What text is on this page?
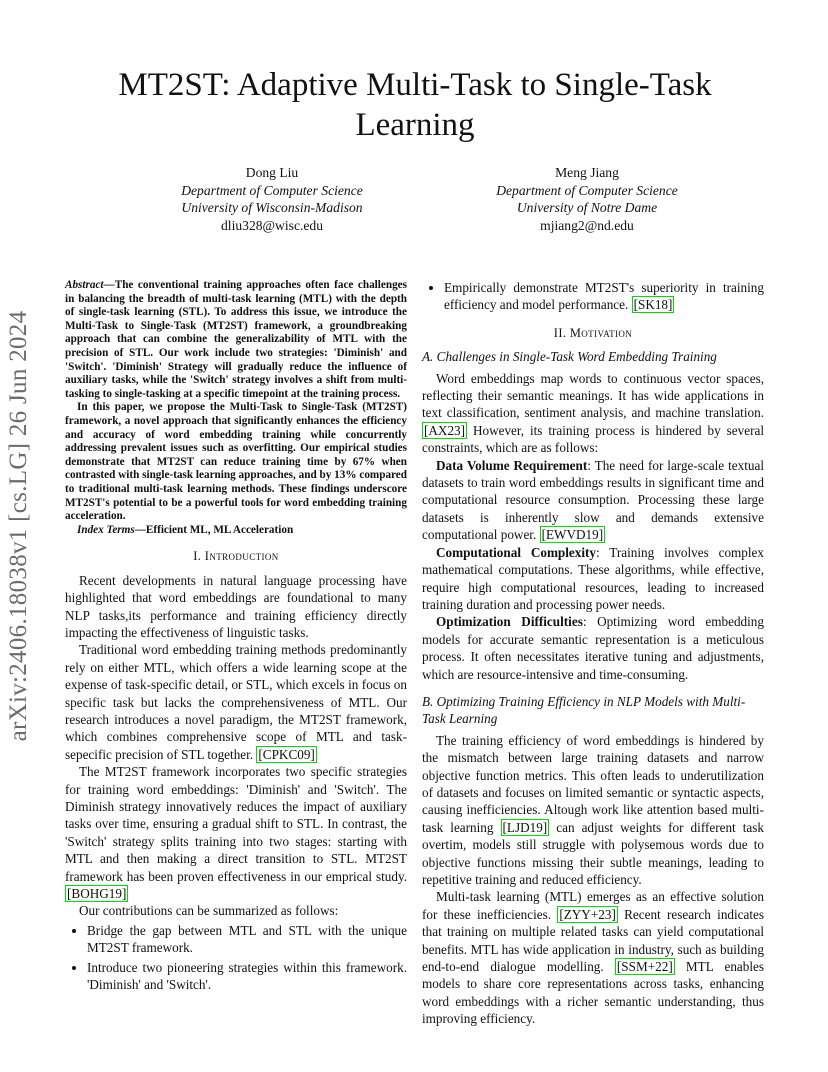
arXiv:2406.18038v1 [cs.LG] 26 Jun 2024
MT2ST: Adaptive Multi-Task to Single-Task Learning
Dong Liu
Department of Computer Science
University of Wisconsin-Madison
dliu328@wisc.edu
Meng Jiang
Department of Computer Science
University of Notre Dame
mjiang2@nd.edu

Abstract—The conventional training approaches often face challenges in balancing the breadth of multi-task learning (MTL) with the depth of single-task learning (STL). To address this issue, we introduce the Multi-Task to Single-Task (MT2ST) framework, a groundbreaking approach that can combine the generalizability of MTL with the precision of STL. Our work include two strategies: 'Diminish' and 'Switch'. 'Diminish' Strategy will gradually reduce the influence of auxiliary tasks, while the 'Switch' strategy involves a shift from multi-tasking to single-tasking at a specific timepoint at the training process.

In this paper, we propose the Multi-Task to Single-Task (MT2ST) framework, a novel approach that significantly enhances the efficiency and accuracy of word embedding training while concurrently addressing prevalent issues such as overfitting. Our empirical studies demonstrate that MT2ST can reduce training time by 67% when contrasted with single-task learning approaches, and by 13% compared to traditional multi-task learning methods. These findings underscore MT2ST's potential to be a powerful tools for word embedding training acceleration.

Index Terms—Efficient ML, ML Acceleration

I. Introduction

Recent developments in natural language processing have highlighted that word embeddings are foundational to many NLP tasks,its performance and training efficiency directly impacting the effectiveness of linguistic tasks.

Traditional word embedding training methods predominantly rely on either MTL, which offers a wide learning scope at the expense of task-specific detail, or STL, which excels in focus on specific task but lacks the comprehensiveness of MTL. Our research introduces a novel paradigm, the MT2ST framework, which combines comprehensive scope of MTL and task-sepecific precision of STL together. [CPKC09]

The MT2ST framework incorporates two specific strategies for training word embeddings: 'Diminish' and 'Switch'. The Diminish strategy innovatively reduces the impact of auxiliary tasks over time, ensuring a gradual shift to STL. In contrast, the 'Switch' strategy splits training into two stages: starting with MTL and then making a direct transition to STL. MT2ST framework has been proven effectiveness in our emprical study. [BOHG19]

Our contributions can be summarized as follows:

• Bridge the gap between MTL and STL with the unique MT2ST framework.
• Introduce two pioneering strategies within this framework. 'Diminish' and 'Switch'.
• Empirically demonstrate MT2ST's superiority in training efficiency and model performance. [SK18]
II. Motivation
A. Challenges in Single-Task Word Embedding Training

Word embeddings map words to continuous vector spaces, reflecting their semantic meanings. It has wide applications in text classification, sentiment analysis, and machine translation. [AX23] However, its training process is hindered by several constraints, which are as follows:

Data Volume Requirement: The need for large-scale textual datasets to train word embeddings results in significant time and computational resource consumption. Processing these large datasets is inherently slow and demands extensive computational power. [EWVD19]

Computational Complexity: Training involves complex mathematical computations. These algorithms, while effective, require high computational resources, leading to increased training duration and processing power needs.

Optimization Difficulties: Optimizing word embedding models for accurate semantic representation is a meticulous process. It often necessitates iterative tuning and adjustments, which are resource-intensive and time-consuming.

B. Optimizing Training Efficiency in NLP Models with Multi-Task Learning

The training efficiency of word embeddings is hindered by the mismatch between large training datasets and narrow objective function metrics. This often leads to underutilization of datasets and focuses on limited semantic or syntactic aspects, causing inefficiencies. Altough work like attention based multi-task learning [LJD19] can adjust weights for different task overtim, models still struggle with polysemous words due to objective functions missing their subtle meanings, leading to repetitive training and reduced efficiency.

Multi-task learning (MTL) emerges as an effective solution for these inefficiencies. [ZYY+23] Recent research indicates that training on multiple related tasks can yield computational benefits. MTL has wide application in industry, such as building end-to-end dialogue modelling. [SSM+22] MTL enables models to share core representations across tasks, enhancing word embeddings with a richer semantic understanding, thus improving efficiency.
